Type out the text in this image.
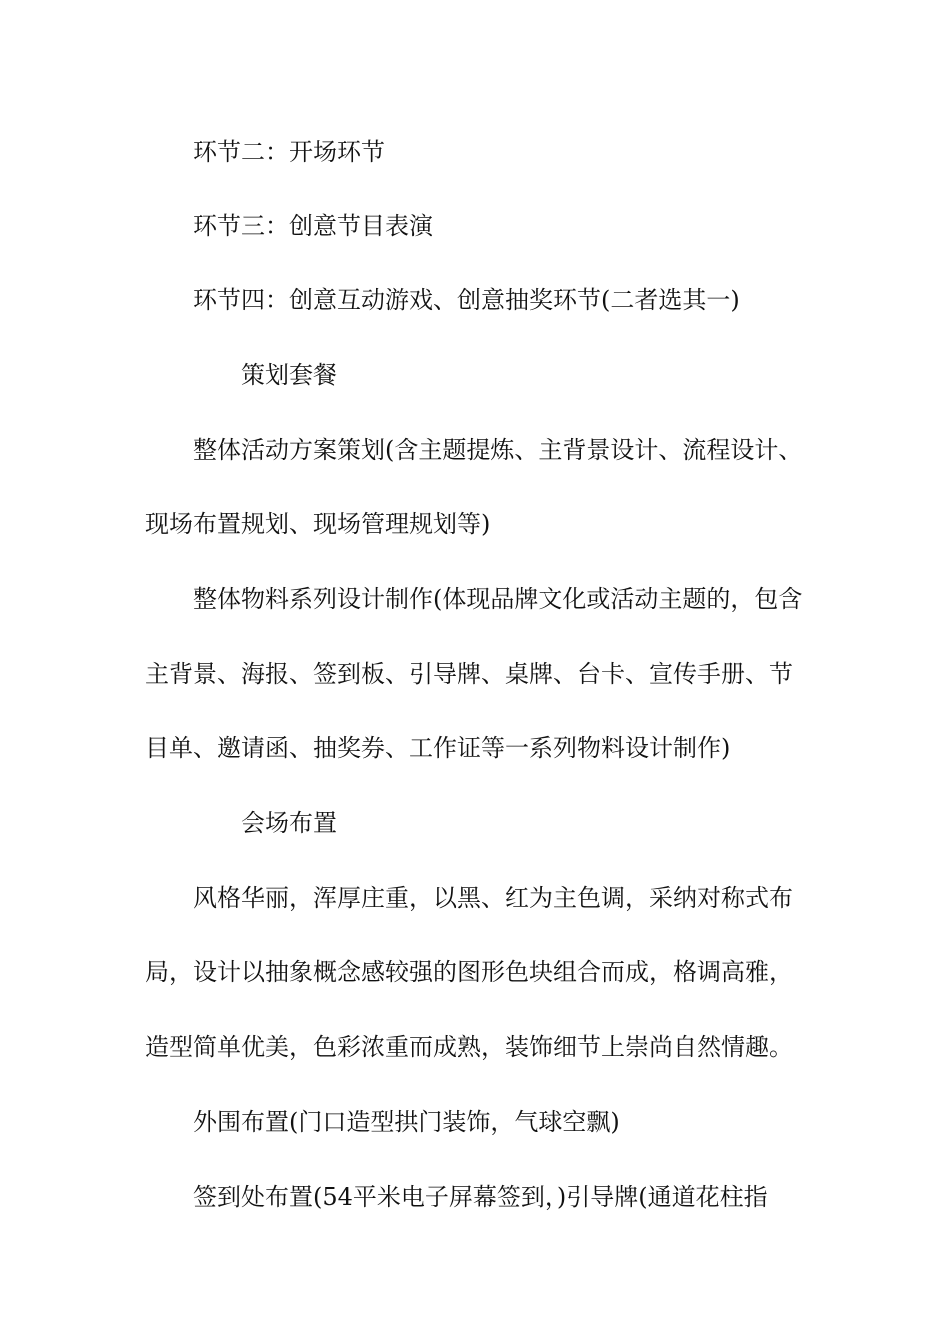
环节二：开场环节
环节三：创意节目表演
环节四：创意互动游戏、创意抽奖环节(二者选其一)
策划套餐
整体活动方案策划(含主题提炼、主背景设计、流程设计、
现场布置规划、现场管理规划等)
整体物料系列设计制作(体现品牌文化或活动主题的，包含
主背景、海报、签到板、引导牌、桌牌、台卡、宣传手册、节
目单、邀请函、抽奖券、工作证等一系列物料设计制作)
会场布置
风格华丽，浑厚庄重，以黑、红为主色调，采纳对称式布
局，设计以抽象概念感较强的图形色块组合而成，格调高雅，
造型简单优美，色彩浓重而成熟，装饰细节上崇尚自然情趣。
外围布置(门口造型拱门装饰，气球空飘)
签到处布置(54平米电子屏幕签到，)引导牌(通道花柱指
